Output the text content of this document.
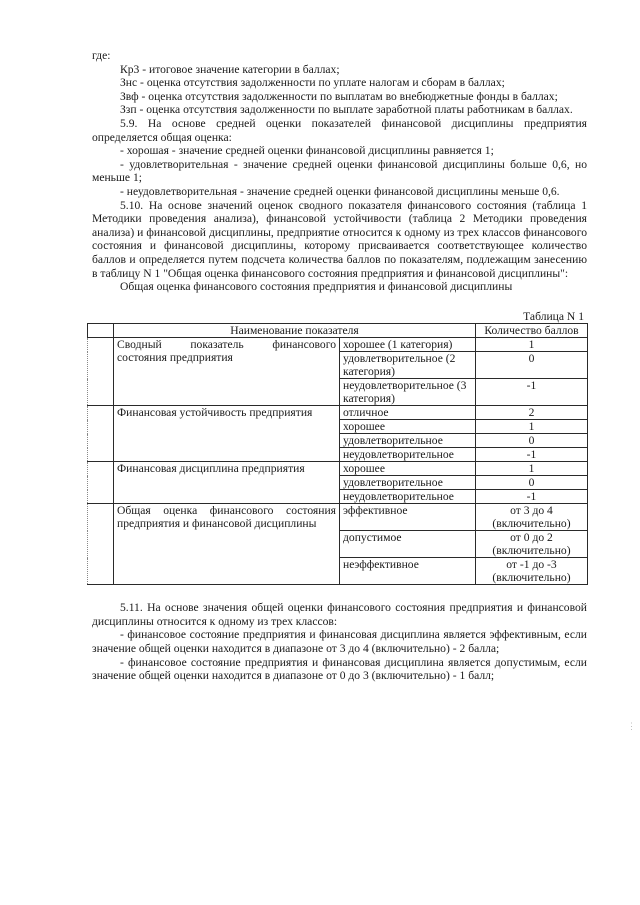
где:

Кр3 - итоговое значение категории в баллах;

Знс - оценка отсутствия задолженности по уплате налогам и сборам в баллах;

Звф - оценка отсутствия задолженности по выплатам во внебюджетные фонды в баллах;

Ззп - оценка отсутствия задолженности по выплате заработной платы работникам в баллах.

5.9. На основе средней оценки показателей финансовой дисциплины предприятия определяется общая оценка:

- хорошая - значение средней оценки финансовой дисциплины равняется 1;

- удовлетворительная - значение средней оценки финансовой дисциплины больше 0,6, но меньше 1;

- неудовлетворительная - значение средней оценки финансовой дисциплины меньше 0,6.

5.10. На основе значений оценок сводного показателя финансового состояния (таблица 1 Методики проведения анализа), финансовой устойчивости (таблица 2 Методики проведения анализа) и финансовой дисциплины, предприятие относится к одному из трех классов финансового состояния и финансовой дисциплины, которому присваивается соответствующее количество баллов и определяется путем подсчета количества баллов по показателям, подлежащим занесению в таблицу N 1 "Общая оценка финансового состояния предприятия и финансовой дисциплины":

Общая оценка финансового состояния предприятия и финансовой дисциплины

Таблица N 1
	Наименование показателя		Количество баллов
	Сводный показатель финансового состояния предприятия	хорошее (1 категория)	1
		удовлетворительное (2 категория)	0
		неудовлетворительное (3 категория)	-1
	Финансовая устойчивость предприятия	отличное	2
		хорошее	1
		удовлетворительное	0
		неудовлетворительное	-1
	Финансовая дисциплина предприятия	хорошее	1
		удовлетворительное	0
		неудовлетворительное	-1
	Общая оценка финансового состояния предприятия и финансовой дисциплины	эффективное	от 3 до 4 (включительно)
		допустимое	от 0 до 2 (включительно)
		неэффективное	от -1 до -3 (включительно)

5.11. На основе значения общей оценки финансового состояния предприятия и финансовой дисциплины относится к одному из трех классов:

- финансовое состояние предприятия и финансовая дисциплина является эффективным, если значение общей оценки находится в диапазоне от 3 до 4 (включительно) - 2 балла;

- финансовое состояние предприятия и финансовая дисциплина является допустимым, если значение общей оценки находится в диапазоне от 0 до 3 (включительно) - 1 балл;

⋮
